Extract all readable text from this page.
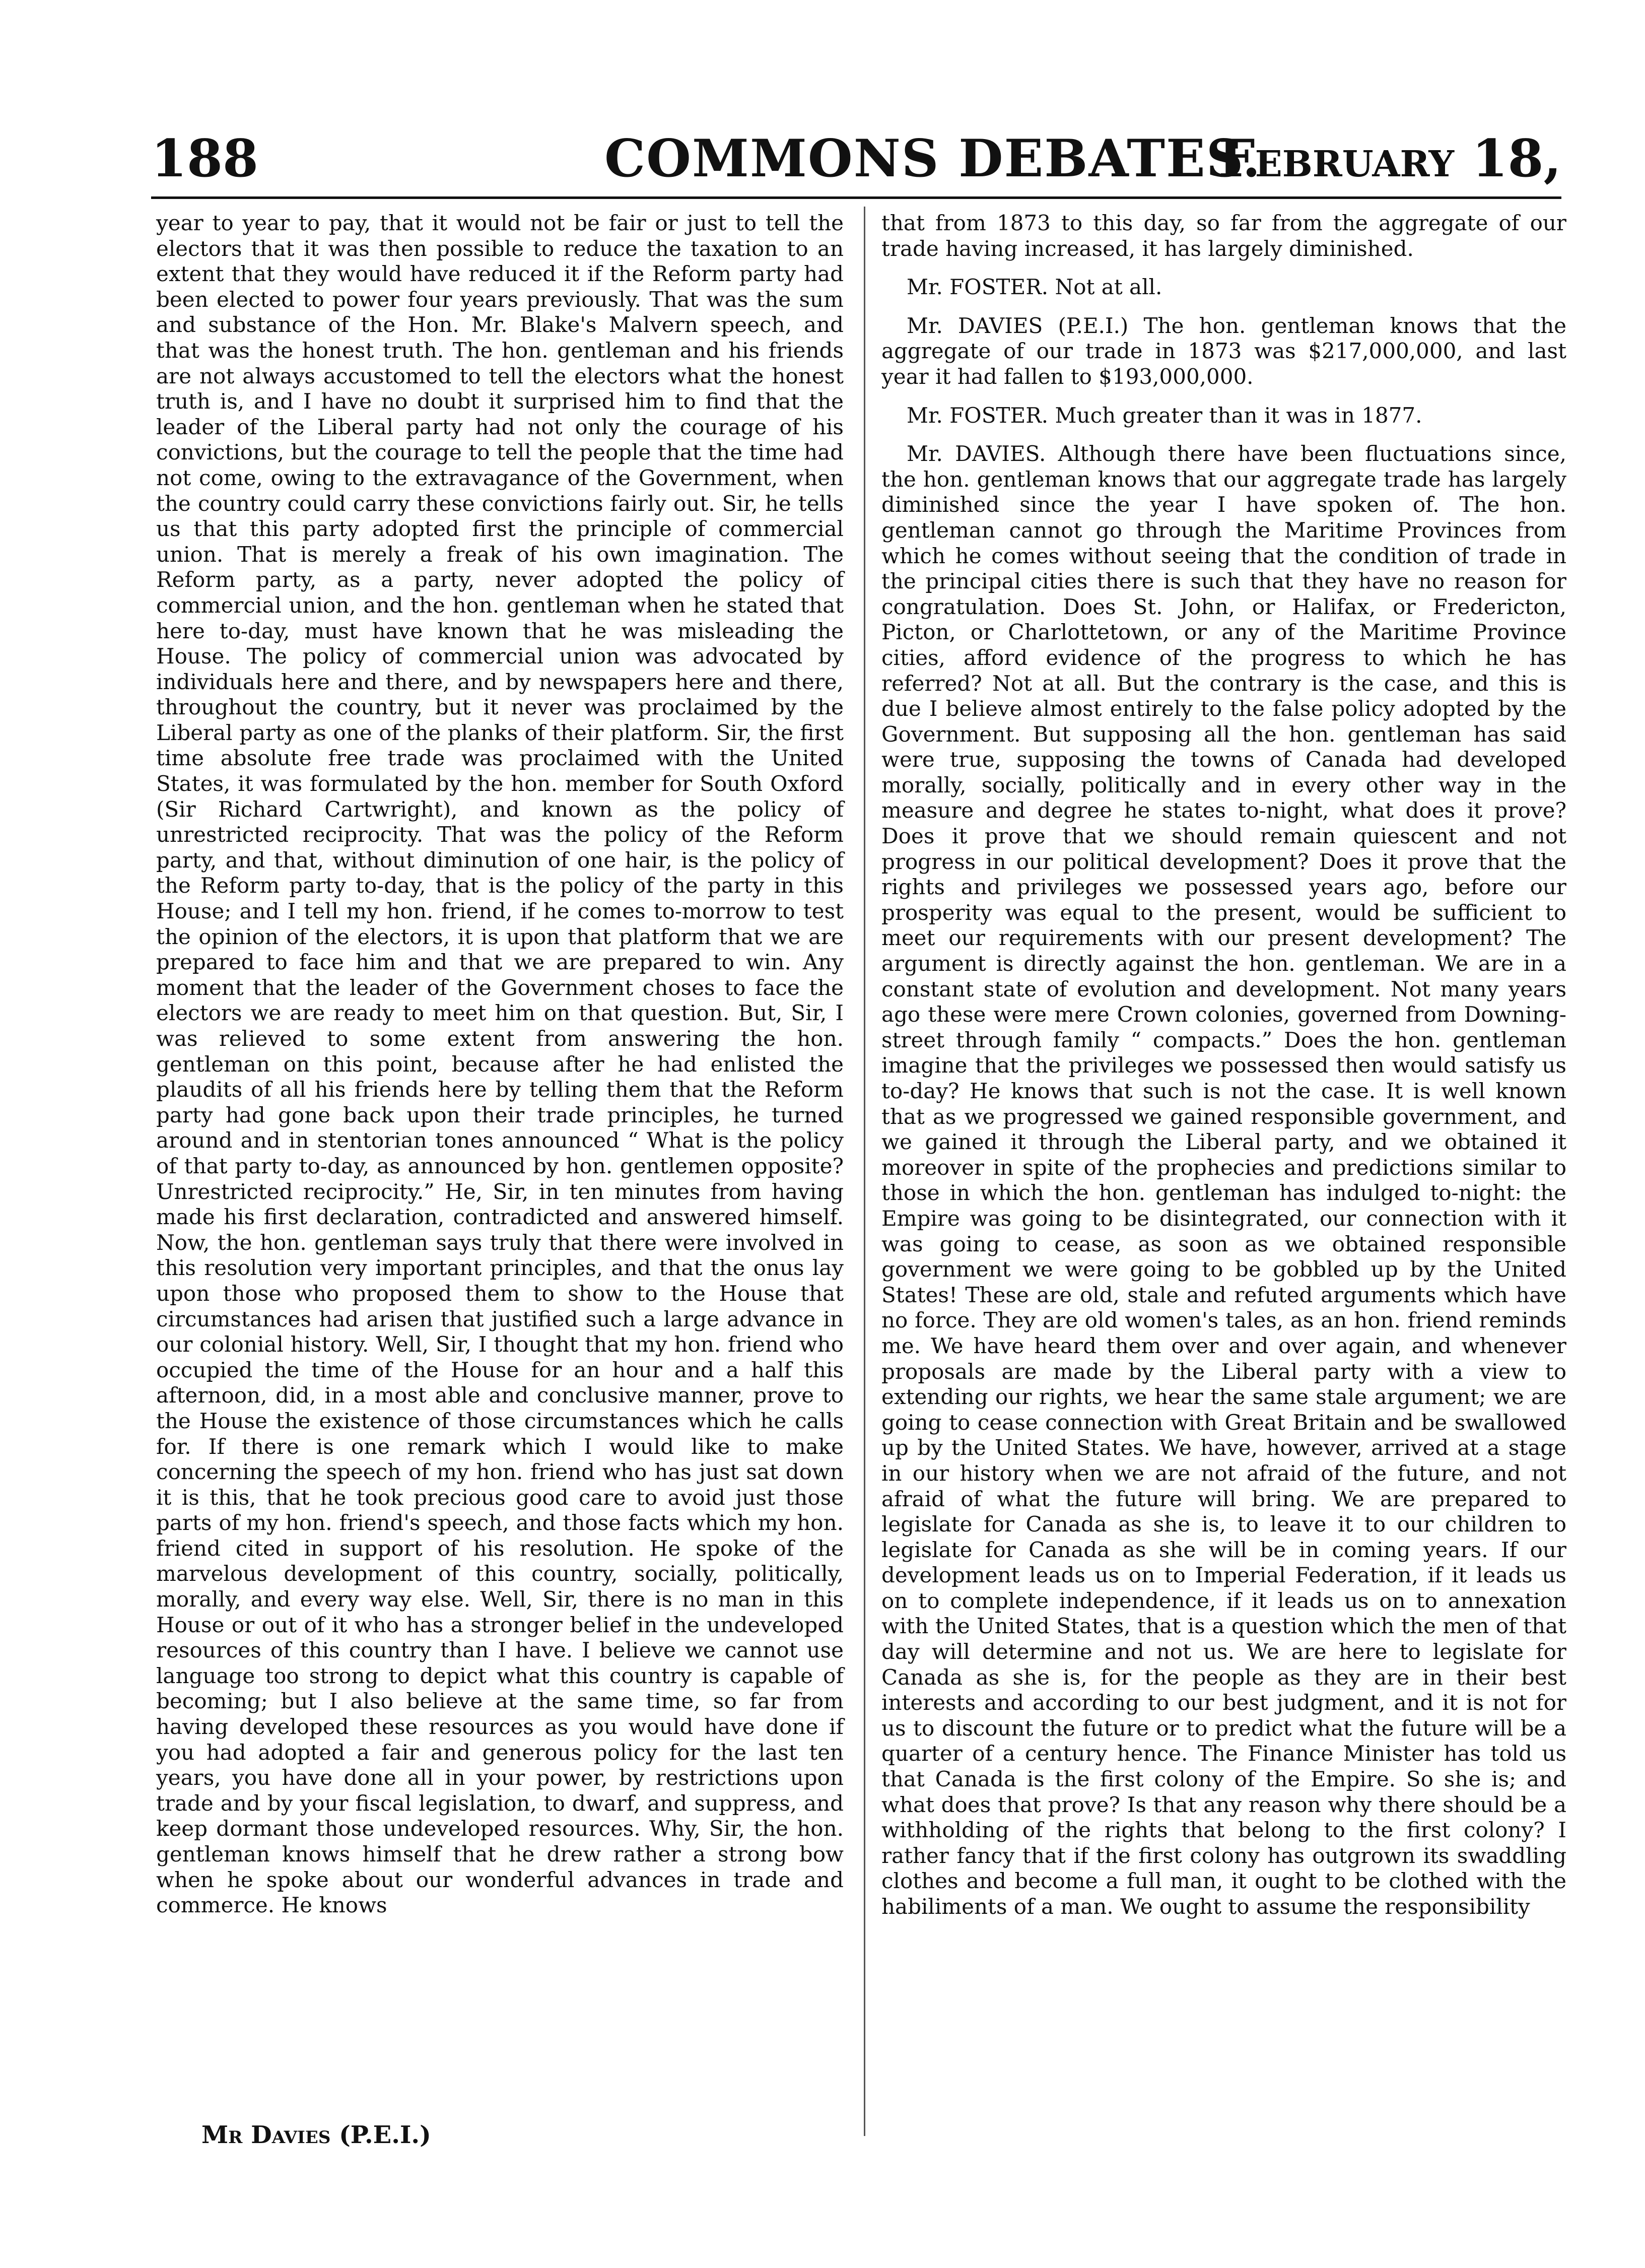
188	COMMONS DEBATES.
February 18,

year to year to pay, that it would not be fair or just to tell the electors that it was then possible to reduce the taxation to an extent that they would have reduced it if the Reform party had been elected to power four years previously. That was the sum and substance of the Hon. Mr. Blake's Malvern speech, and that was the honest truth. The hon. gentleman and his friends are not always accustomed to tell the electors what the honest truth is, and I have no doubt it surprised him to find that the leader of the Liberal party had not only the courage of his convictions, but the courage to tell the people that the time had not come, owing to the extravagance of the Government, when the country could carry these convictions fairly out. Sir, he tells us that this party adopted first the principle of commercial union. That is merely a freak of his own imagination. The Reform party, as a party, never adopted the policy of commercial union, and the hon. gentleman when he stated that here to-day, must have known that he was misleading the House. The policy of commercial union was advocated by individuals here and there, and by newspapers here and there, throughout the country, but it never was proclaimed by the Liberal party as one of the planks of their platform. Sir, the first time absolute free trade was proclaimed with the United States, it was formulated by the hon. member for South Oxford (Sir Richard Cartwright), and known as the policy of unrestricted reciprocity. That was the policy of the Reform party, and that, without diminution of one hair, is the policy of the Reform party to-day, that is the policy of the party in this House; and I tell my hon. friend, if he comes to-morrow to test the opinion of the electors, it is upon that platform that we are prepared to face him and that we are prepared to win. Any moment that the leader of the Government choses to face the electors we are ready to meet him on that question. But, Sir, I was relieved to some extent from answering the hon. gentleman on this point, because after he had enlisted the plaudits of all his friends here by telling them that the Reform party had gone back upon their trade principles, he turned around and in stentorian tones announced “ What is the policy of that party to-day, as announced by hon. gentlemen opposite? Unrestricted reciprocity.” He, Sir, in ten minutes from having made his first declaration, contradicted and answered himself. Now, the hon. gentleman says truly that there were involved in this resolution very important principles, and that the onus lay upon those who proposed them to show to the House that circumstances had arisen that justified such a large advance in our colonial history. Well, Sir, I thought that my hon. friend who occupied the time of the House for an hour and a half this afternoon, did, in a most able and conclusive manner, prove to the House the existence of those circumstances which he calls for. If there is one remark which I would like to make concerning the speech of my hon. friend who has just sat down it is this, that he took precious good care to avoid just those parts of my hon. friend's speech, and those facts which my hon. friend cited in support of his resolution. He spoke of the marvelous development of this country, socially, politically, morally, and every way else. Well, Sir, there is no man in this House or out of it who has a stronger belief in the undeveloped resources of this country than I have. I believe we cannot use language too strong to depict what this country is capable of becoming; but I also believe at the same time, so far from having developed these resources as you would have done if you had adopted a fair and generous policy for the last ten years, you have done all in your power, by restrictions upon trade and by your fiscal legislation, to dwarf, and suppress, and keep dormant those undeveloped resources. Why, Sir, the hon. gentleman knows himself that he drew rather a strong bow when he spoke about our wonderful advances in trade and commerce. He knows

that from 1873 to this day, so far from the aggregate of our trade having increased, it has largely diminished.

Mr. FOSTER. Not at all.

Mr. DAVIES (P.E.I.) The hon. gentleman knows that the aggregate of our trade in 1873 was $217,000,000, and last year it had fallen to $193,000,000.

Mr. FOSTER. Much greater than it was in 1877.

Mr. DAVIES. Although there have been fluctuations since, the hon. gentleman knows that our aggregate trade has largely diminished since the year I have spoken of. The hon. gentleman cannot go through the Maritime Provinces from which he comes without seeing that the condition of trade in the principal cities there is such that they have no reason for congratulation. Does St. John, or Halifax, or Fredericton, Picton, or Charlottetown, or any of the Maritime Province cities, afford evidence of the progress to which he has referred? Not at all. But the contrary is the case, and this is due I believe almost entirely to the false policy adopted by the Government. But supposing all the hon. gentleman has said were true, supposing the towns of Canada had developed morally, socially, politically and in every other way in the measure and degree he states to-night, what does it prove? Does it prove that we should remain quiescent and not progress in our political development? Does it prove that the rights and privileges we possessed years ago, before our prosperity was equal to the present, would be sufficient to meet our requirements with our present development? The argument is directly against the hon. gentleman. We are in a constant state of evolution and development. Not many years ago these were mere Crown colonies, governed from Downing-street through family “ compacts.” Does the hon. gentleman imagine that the privileges we possessed then would satisfy us to-day? He knows that such is not the case. It is well known that as we progressed we gained responsible government, and we gained it through the Liberal party, and we obtained it moreover in spite of the prophecies and predictions similar to those in which the hon. gentleman has indulged to-night: the Empire was going to be disintegrated, our connection with it was going to cease, as soon as we obtained responsible government we were going to be gobbled up by the United States! These are old, stale and refuted arguments which have no force. They are old women's tales, as an hon. friend reminds me. We have heard them over and over again, and whenever proposals are made by the Liberal party with a view to extending our rights, we hear the same stale argument; we are going to cease connection with Great Britain and be swallowed up by the United States. We have, however, arrived at a stage in our history when we are not afraid of the future, and not afraid of what the future will bring. We are prepared to legislate for Canada as she is, to leave it to our children to legislate for Canada as she will be in coming years. If our development leads us on to Imperial Federation, if it leads us on to complete independence, if it leads us on to annexation with the United States, that is a question which the men of that day will determine and not us. We are here to legislate for Canada as she is, for the people as they are in their best interests and according to our best judgment, and it is not for us to discount the future or to predict what the future will be a quarter of a century hence. The Finance Minister has told us that Canada is the first colony of the Empire. So she is; and what does that prove? Is that any reason why there should be a withholding of the rights that belong to the first colony? I rather fancy that if the first colony has outgrown its swaddling clothes and become a full man, it ought to be clothed with the habiliments of a man. We ought to assume the responsibility

Mr Davies (P.E.I.)
